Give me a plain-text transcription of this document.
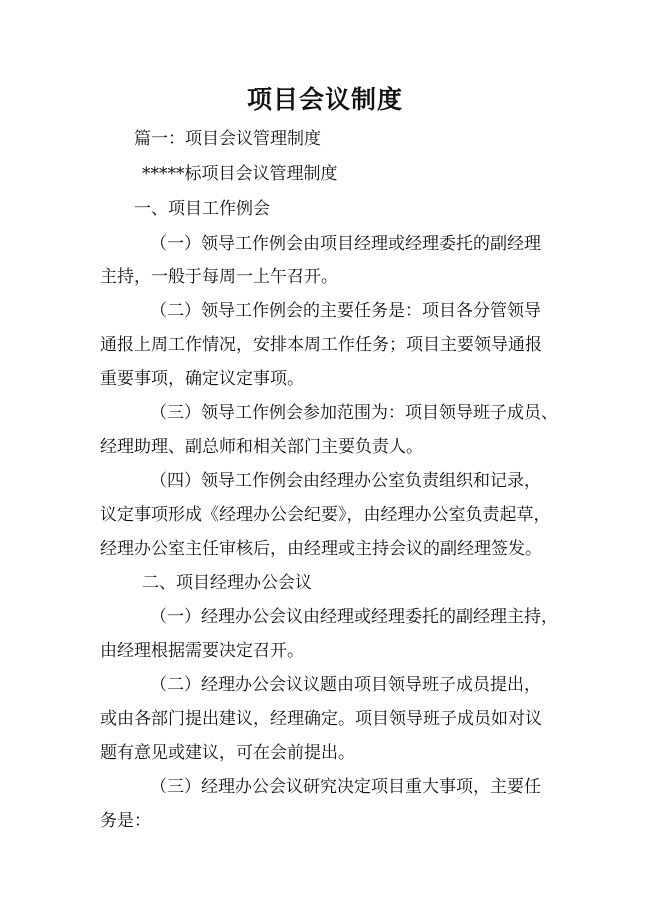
项目会议制度
篇一：项目会议管理制度
*****标项目会议管理制度
一、项目工作例会
（一）领导工作例会由项目经理或经理委托的副经理
主持，一般于每周一上午召开。
（二）领导工作例会的主要任务是：项目各分管领导
通报上周工作情况，安排本周工作任务；项目主要领导通报
重要事项，确定议定事项。
（三）领导工作例会参加范围为：项目领导班子成员、
经理助理、副总师和相关部门主要负责人。
（四）领导工作例会由经理办公室负责组织和记录，
议定事项形成《经理办公会纪要》，由经理办公室负责起草，
经理办公室主任审核后，由经理或主持会议的副经理签发。
二、项目经理办公会议
（一）经理办公会议由经理或经理委托的副经理主持，
由经理根据需要决定召开。
（二）经理办公会议议题由项目领导班子成员提出，
或由各部门提出建议，经理确定。项目领导班子成员如对议
题有意见或建议，可在会前提出。
（三）经理办公会议研究决定项目重大事项，主要任
务是：
